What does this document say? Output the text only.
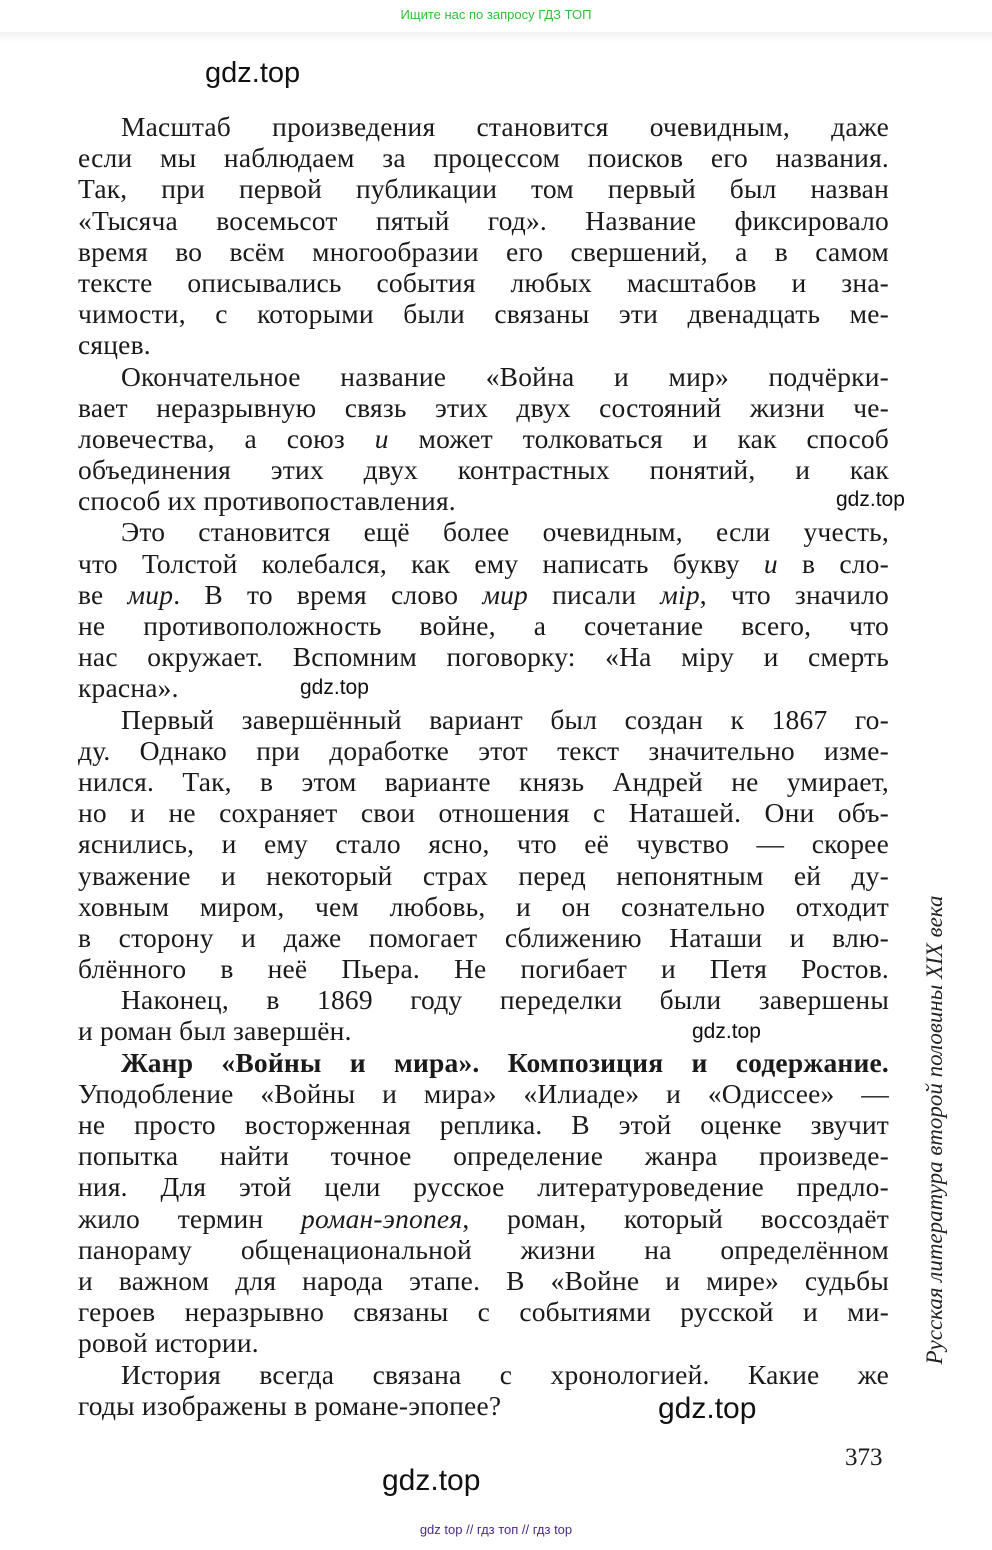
Ищите нас по запросу ГДЗ ТОП
Масштаб произведения становится очевидным, даже
если мы наблюдаем за процессом поисков его названия.
Так, при первой публикации том первый был назван
«Тысяча восемьсот пятый год». Название фиксировало
время во всём многообразии его свершений, а в самом
тексте описывались события любых масштабов и зна-
чимости, с которыми были связаны эти двенадцать ме-
сяцев.
Окончательное название «Война и мир» подчёрки-
вает неразрывную связь этих двух состояний жизни че-
ловечества, а союз и может толковаться и как способ
объединения этих двух контрастных понятий, и как
способ их противопоставления.
Это становится ещё более очевидным, если учесть,
что Толстой колебался, как ему написать букву и в сло-
ве мир. В то время слово мир писали міp, что значило
не противоположность войне, а сочетание всего, что
нас окружает. Вспомним поговорку: «На міру и смерть
красна».
Первый завершённый вариант был создан к 1867 го-
ду. Однако при доработке этот текст значительно изме-
нился. Так, в этом варианте князь Андрей не умирает,
но и не сохраняет свои отношения с Наташей. Они объ-
яснились, и ему стало ясно, что её чувство — скорее
уважение и некоторый страх перед непонятным ей ду-
ховным миром, чем любовь, и он сознательно отходит
в сторону и даже помогает сближению Наташи и влю-
блённого в неё Пьера. Не погибает и Петя Ростов.
Наконец, в 1869 году переделки были завершены
и роман был завершён.
Жанр «Войны и мира». Композиция и содержание.
Уподобление «Войны и мира» «Илиаде» и «Одиссее» —
не просто восторженная реплика. В этой оценке звучит
попытка найти точное определение жанра произведе-
ния. Для этой цели русское литературоведение предло-
жило термин роман-эпопея, роман, который воссоздаёт
панораму общенациональной жизни на определённом
и важном для народа этапе. В «Войне и мире» судьбы
героев неразрывно связаны с событиями русской и ми-
ровой истории.
История всегда связана с хронологией. Какие же
годы изображены в романе-эпопее?
gdz.top
gdz.top
gdz.top
gdz.top
gdz.top
gdz.top
Русская литература второй половины XIX века
373
gdz top // гдз топ // гдз top
